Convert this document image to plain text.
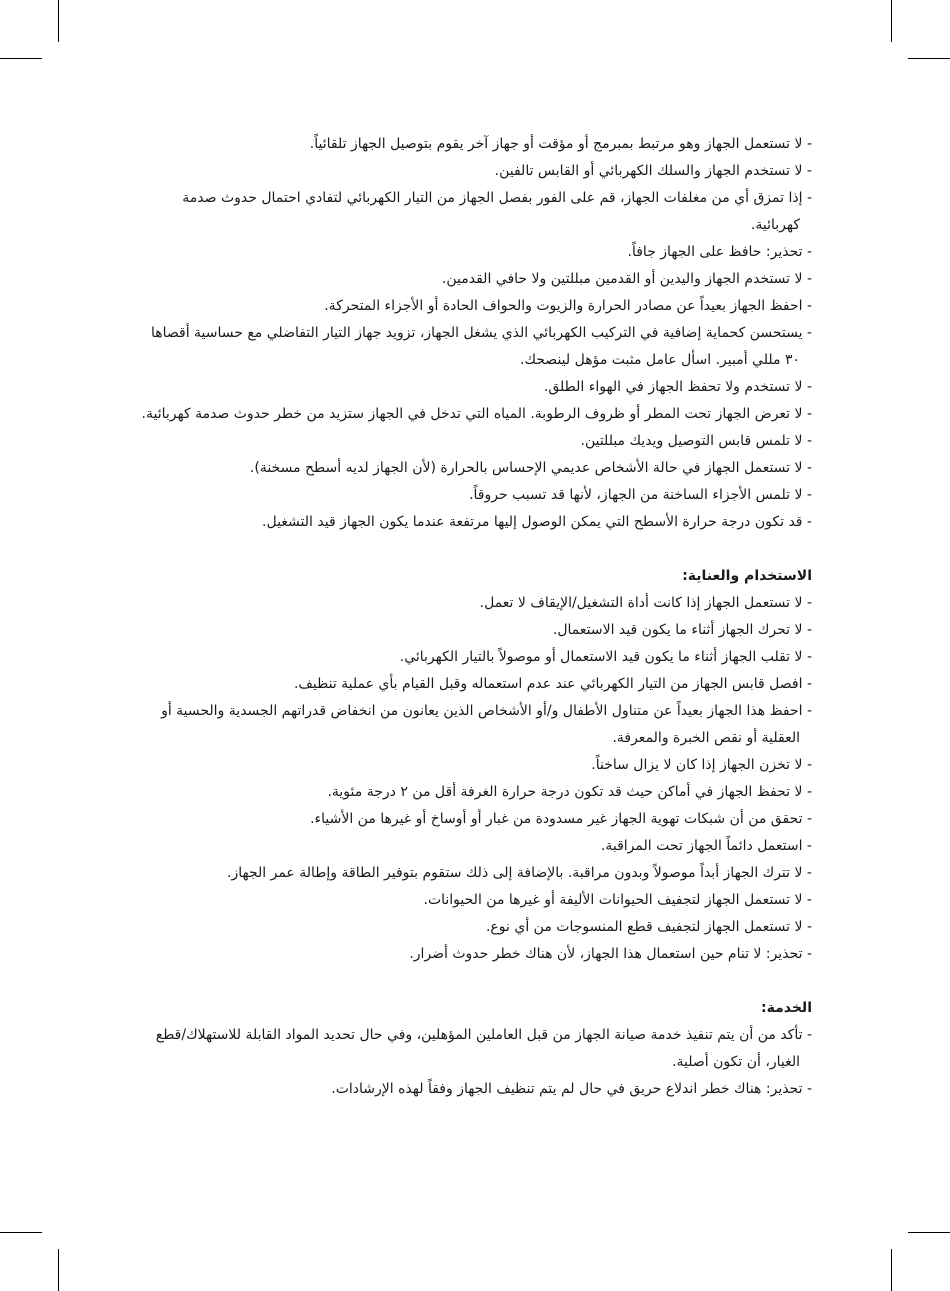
- لا تستعمل الجهاز وهو مرتبط بمبرمج أو مؤقت أو جهاز آخر يقوم بتوصيل الجهاز تلقائياً.

- لا تستخدم الجهاز والسلك الكهربائي أو القابس تالفين.

- إذا تمزق أي من مغلفات الجهاز، قم على الفور بفصل الجهاز من التيار الكهربائي لتفادي احتمال حدوث صدمة كهربائية.

- تحذير: حافظ على الجهاز جافاً.

- لا تستخدم الجهاز واليدين أو القدمين مبللتين ولا حافي القدمين.

- احفظ الجهاز بعيداً عن مصادر الحرارة والزيوت والحواف الحادة أو الأجزاء المتحركة.

- يستحسن كحماية إضافية في التركيب الكهربائي الذي يشغل الجهاز، تزويد جهاز التيار التفاضلي مع حساسية أقصاها ٣٠ مللي أمبير. اسأل عامل مثبت مؤهل لينصحك.

- لا تستخدم ولا تحفظ الجهاز في الهواء الطلق.

- لا تعرض الجهاز تحت المطر أو ظروف الرطوبة. المياه التي تدخل في الجهاز ستزيد من خطر حدوث صدمة كهربائية.

- لا تلمس قابس التوصيل ويديك مبللتين.

- لا تستعمل الجهاز في حالة الأشخاص عديمي الإحساس بالحرارة (لأن الجهاز لديه أسطح مسخنة).

- لا تلمس الأجزاء الساخنة من الجهاز، لأنها قد تسبب حروقاً.

- قد تكون درجة حرارة الأسطح التي يمكن الوصول إليها مرتفعة عندما يكون الجهاز قيد التشغيل.

الاستخدام والعناية:

- لا تستعمل الجهاز إذا كانت أداة التشغيل/الإيقاف لا تعمل.

- لا تحرك الجهاز أثناء ما يكون قيد الاستعمال.

- لا تقلب الجهاز أثناء ما يكون قيد الاستعمال أو موصولاً بالتيار الكهربائي.

- افصل قابس الجهاز من التيار الكهربائي عند عدم استعماله وقبل القيام بأي عملية تنظيف.

- احفظ هذا الجهاز بعيداً عن متناول الأطفال و/أو الأشخاص الذين يعانون من انخفاض قدراتهم الجسدية والحسية أو العقلية أو نقص الخبرة والمعرفة.

- لا تخزن الجهاز إذا كان لا يزال ساخناً.

- لا تحفظ الجهاز في أماكن حيث قد تكون درجة حرارة الغرفة أقل من ٢ درجة مئوية.

- تحقق من أن شبكات تهوية الجهاز غير مسدودة من غبار أو أوساخ أو غيرها من الأشياء.

- استعمل دائماً الجهاز تحت المراقبة.

- لا تترك الجهاز أبداً موصولاً وبدون مراقبة. بالإضافة إلى ذلك ستقوم بتوفير الطاقة وإطالة عمر الجهاز.

- لا تستعمل الجهاز لتجفيف الحيوانات الأليفة أو غيرها من الحيوانات.

- لا تستعمل الجهاز لتجفيف قطع المنسوجات من أي نوع.

- تحذير: لا تنام حين استعمال هذا الجهاز، لأن هناك خطر حدوث أضرار.

الخدمة:

- تأكد من أن يتم تنفيذ خدمة صيانة الجهاز من قبل العاملين المؤهلين، وفي حال تحديد المواد القابلة للاستهلاك/قطع الغيار، أن تكون أصلية.

- تحذير: هناك خطر اندلاع حريق في حال لم يتم تنظيف الجهاز وفقاً لهذه الإرشادات.
